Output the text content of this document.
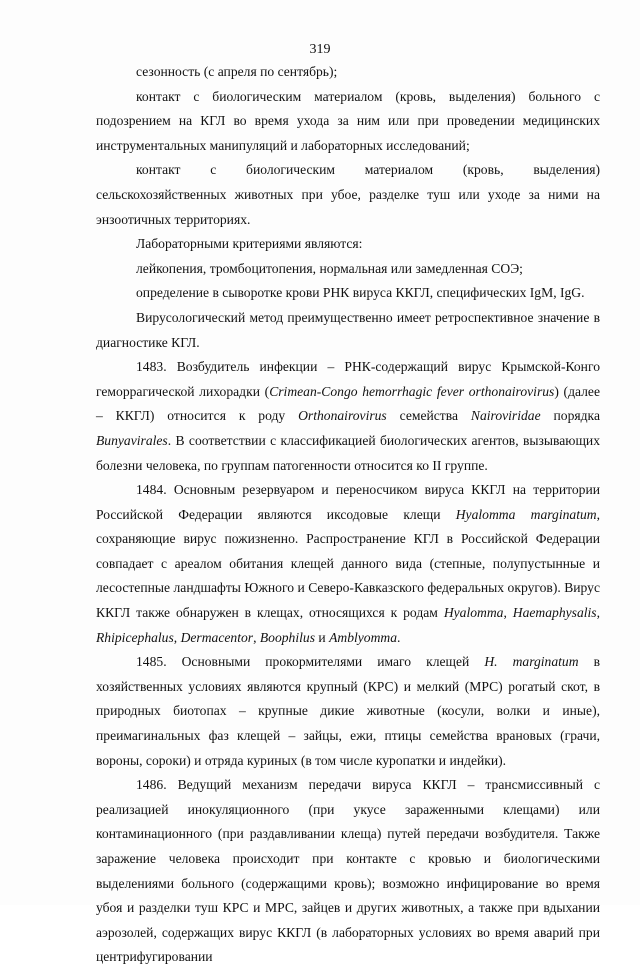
319

сезонность (с апреля по сентябрь);

контакт с биологическим материалом (кровь, выделения) больного с подозрением на КГЛ во время ухода за ним или при проведении медицинских инструментальных манипуляций и лабораторных исследований;

контакт с биологическим материалом (кровь, выделения) сельскохозяйственных животных при убое, разделке туш или уходе за ними на энзоотичных территориях.

Лабораторными критериями являются:

лейкопения, тромбоцитопения, нормальная или замедленная СОЭ;

определение в сыворотке крови РНК вируса ККГЛ, специфических IgM, IgG.

Вирусологический метод преимущественно имеет ретроспективное значение в диагностике КГЛ.

1483. Возбудитель инфекции – РНК-содержащий вирус Крымской-Конго геморрагической лихорадки (Crimean-Congo hemorrhagic fever orthonairovirus) (далее – ККГЛ) относится к роду Orthonairovirus семейства Nairoviridae порядка Bunyavirales. В соответствии с классификацией биологических агентов, вызывающих болезни человека, по группам патогенности относится ко II группе.

1484. Основным резервуаром и переносчиком вируса ККГЛ на территории Российской Федерации являются иксодовые клещи Hyalomma marginatum, сохраняющие вирус пожизненно. Распространение КГЛ в Российской Федерации совпадает с ареалом обитания клещей данного вида (степные, полупустынные и лесостепные ландшафты Южного и Северо-Кавказского федеральных округов). Вирус ККГЛ также обнаружен в клещах, относящихся к родам Hyalomma, Haemaphysalis, Rhipicephalus, Dermacentor, Boophilus и Amblyomma.

1485. Основными прокормителями имаго клещей H. marginatum в хозяйственных условиях являются крупный (КРС) и мелкий (МРС) рогатый скот, в природных биотопах – крупные дикие животные (косули, волки и иные), преимагинальных фаз клещей – зайцы, ежи, птицы семейства врановых (грачи, вороны, сороки) и отряда куриных (в том числе куропатки и индейки).

1486. Ведущий механизм передачи вируса ККГЛ – трансмиссивный с реализацией инокуляционного (при укусе зараженными клещами) или контаминационного (при раздавливании клеща) путей передачи возбудителя. Также заражение человека происходит при контакте с кровью и биологическими выделениями больного (содержащими кровь); возможно инфицирование во время убоя и разделки туш КРС и МРС, зайцев и других животных, а также при вдыхании аэрозолей, содержащих вирус ККГЛ (в лабораторных условиях во время аварий при центрифугировании
